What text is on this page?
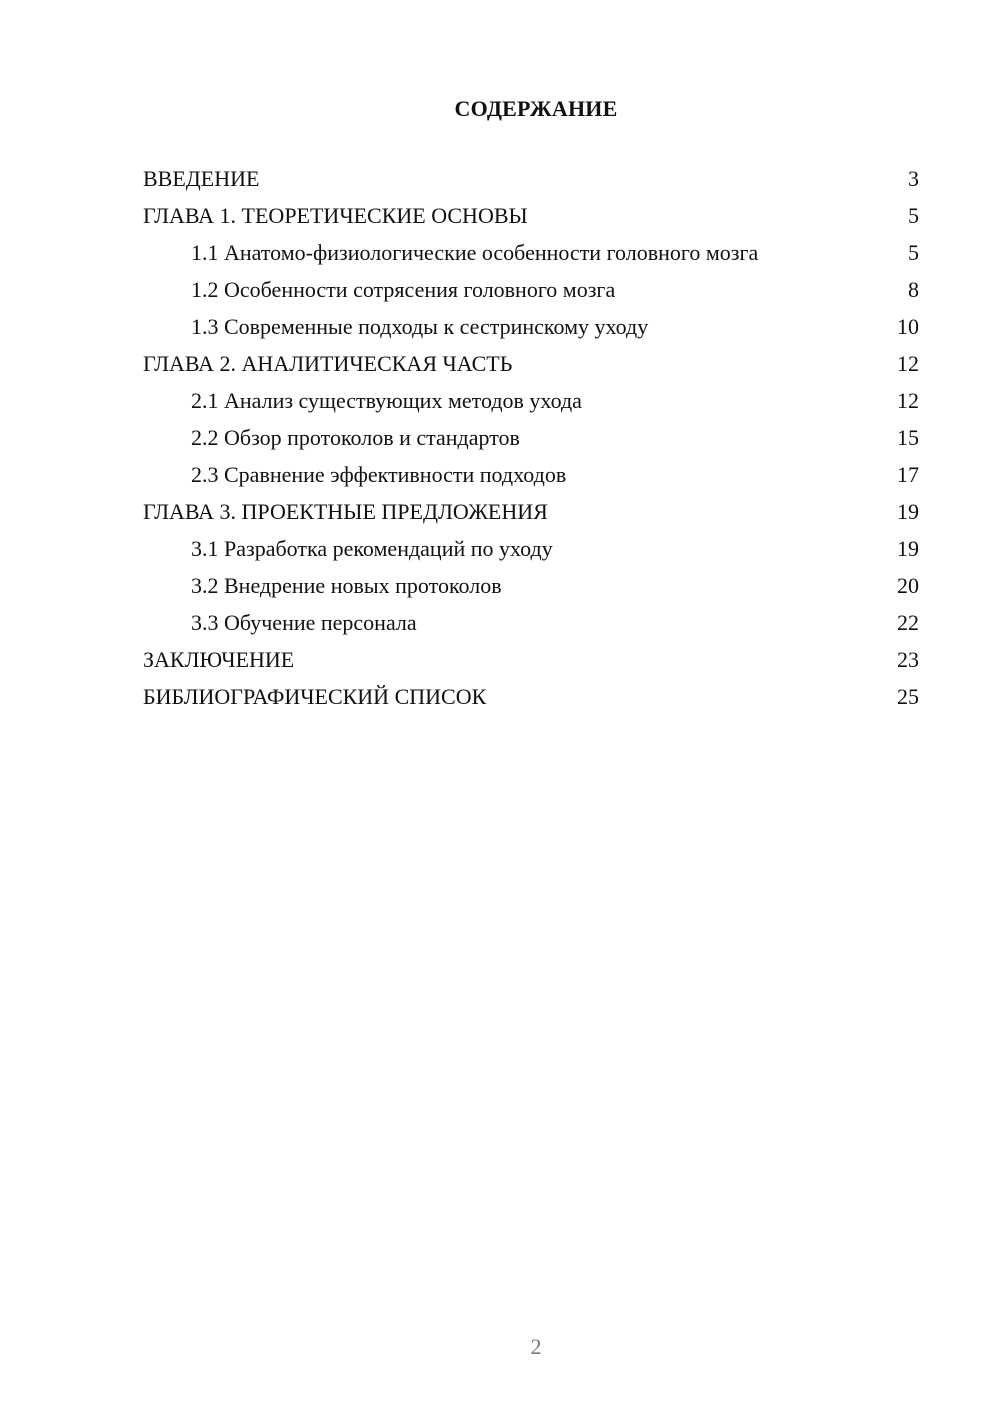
СОДЕРЖАНИЕ
ВВЕДЕНИЕ	3
ГЛАВА 1. ТЕОРЕТИЧЕСКИЕ ОСНОВЫ	5
1.1 Анатомо-физиологические особенности головного мозга	5
1.2 Особенности сотрясения головного мозга	8
1.3 Современные подходы к сестринскому уходу	10
ГЛАВА 2. АНАЛИТИЧЕСКАЯ ЧАСТЬ	12
2.1 Анализ существующих методов ухода	12
2.2 Обзор протоколов и стандартов	15
2.3 Сравнение эффективности подходов	17
ГЛАВА 3. ПРОЕКТНЫЕ ПРЕДЛОЖЕНИЯ	19
3.1 Разработка рекомендаций по уходу	19
3.2 Внедрение новых протоколов	20
3.3 Обучение персонала	22
ЗАКЛЮЧЕНИЕ	23
БИБЛИОГРАФИЧЕСКИЙ СПИСОК	25
2
